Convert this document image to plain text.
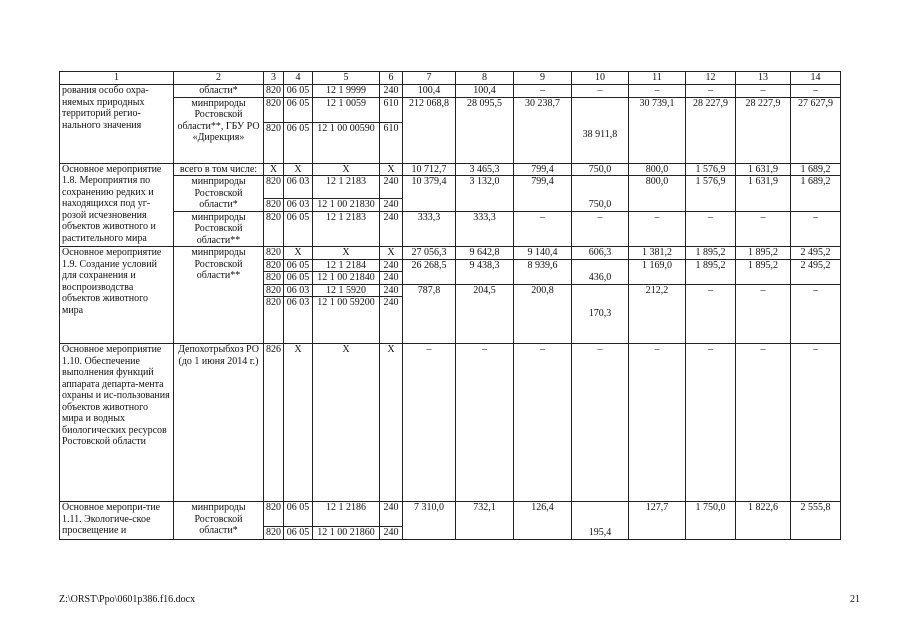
1	2	3	4	5	6	7	8	9	10	11	12	13	14
рования особо охра-няемых природных территорий регио-нального значения	области*	820	06 05	12 1 9999	240	100,4	100,4	–	–	–	–	–	–
	минприроды Ростовской области**, ГБУ РО «Дирекция»	820	06 05	12 1 0059	610	212 068,8	28 095,5	30 238,7	38 911,8	30 739,1	28 227,9	28 227,9	27 627,9
		820	06 05	12 1 00 00590	610								
Основное мероприятие 1.8. Мероприятия по сохранению редких и находящихся под уг-розой исчезновения объектов животного и растительного мира	всего в том числе:	X	X	X	X	10 712,7	3 465,3	799,4	750,0	800,0	1 576,9	1 631,9	1 689,2
	минприроды Ростовской области*	820	06 03	12 1 2183	240	10 379,4	3 132,0	799,4	750,0	800,0	1 576,9	1 631,9	1 689,2
		820	06 03	12 1 00 21830	240								
	минприроды Ростовской области**	820	06 05	12 1 2183	240	333,3	333,3	–	–	–	–	–	–
Основное мероприятие 1.9. Создание условий для сохранения и воспроизводства объектов животного мира	минприроды Ростовской области**	820	X	X	X	27 056,3	9 642,8	9 140,4	606,3	1 381,2	1 895,2	1 895,2	2 495,2
		820	06 05	12 1 2184	240	26 268,5	9 438,3	8 939,6	436,0	1 169,0	1 895,2	1 895,2	2 495,2
		820	06 05	12 1 00 21840	240								
		820	06 03	12 1 5920	240	787,8	204,5	200,8	170,3	212,2	–	–	–
		820	06 03	12 1 00 59200	240								
Основное мероприятие 1.10. Обеспечение выполнения функций аппарата департа-мента охраны и ис-пользования объектов животного мира и водных биологических ресурсов Ростовской области	Депохотрыбхоз РО (до 1 июня 2014 г.)	826	X	X	X	–	–	–	–	–	–	–	–
Основное меропри-тие 1.11. Экологиче-ское просвещение и	минприроды Ростовской области*	820	06 05	12 1 2186	240	7 310,0	732,1	126,4	195,4	127,7	1 750,0	1 822,6	2 555,8
		820	06 05	12 1 00 21860	240								
Z:\ORST\Ppo\0601p386.f16.docx	21
